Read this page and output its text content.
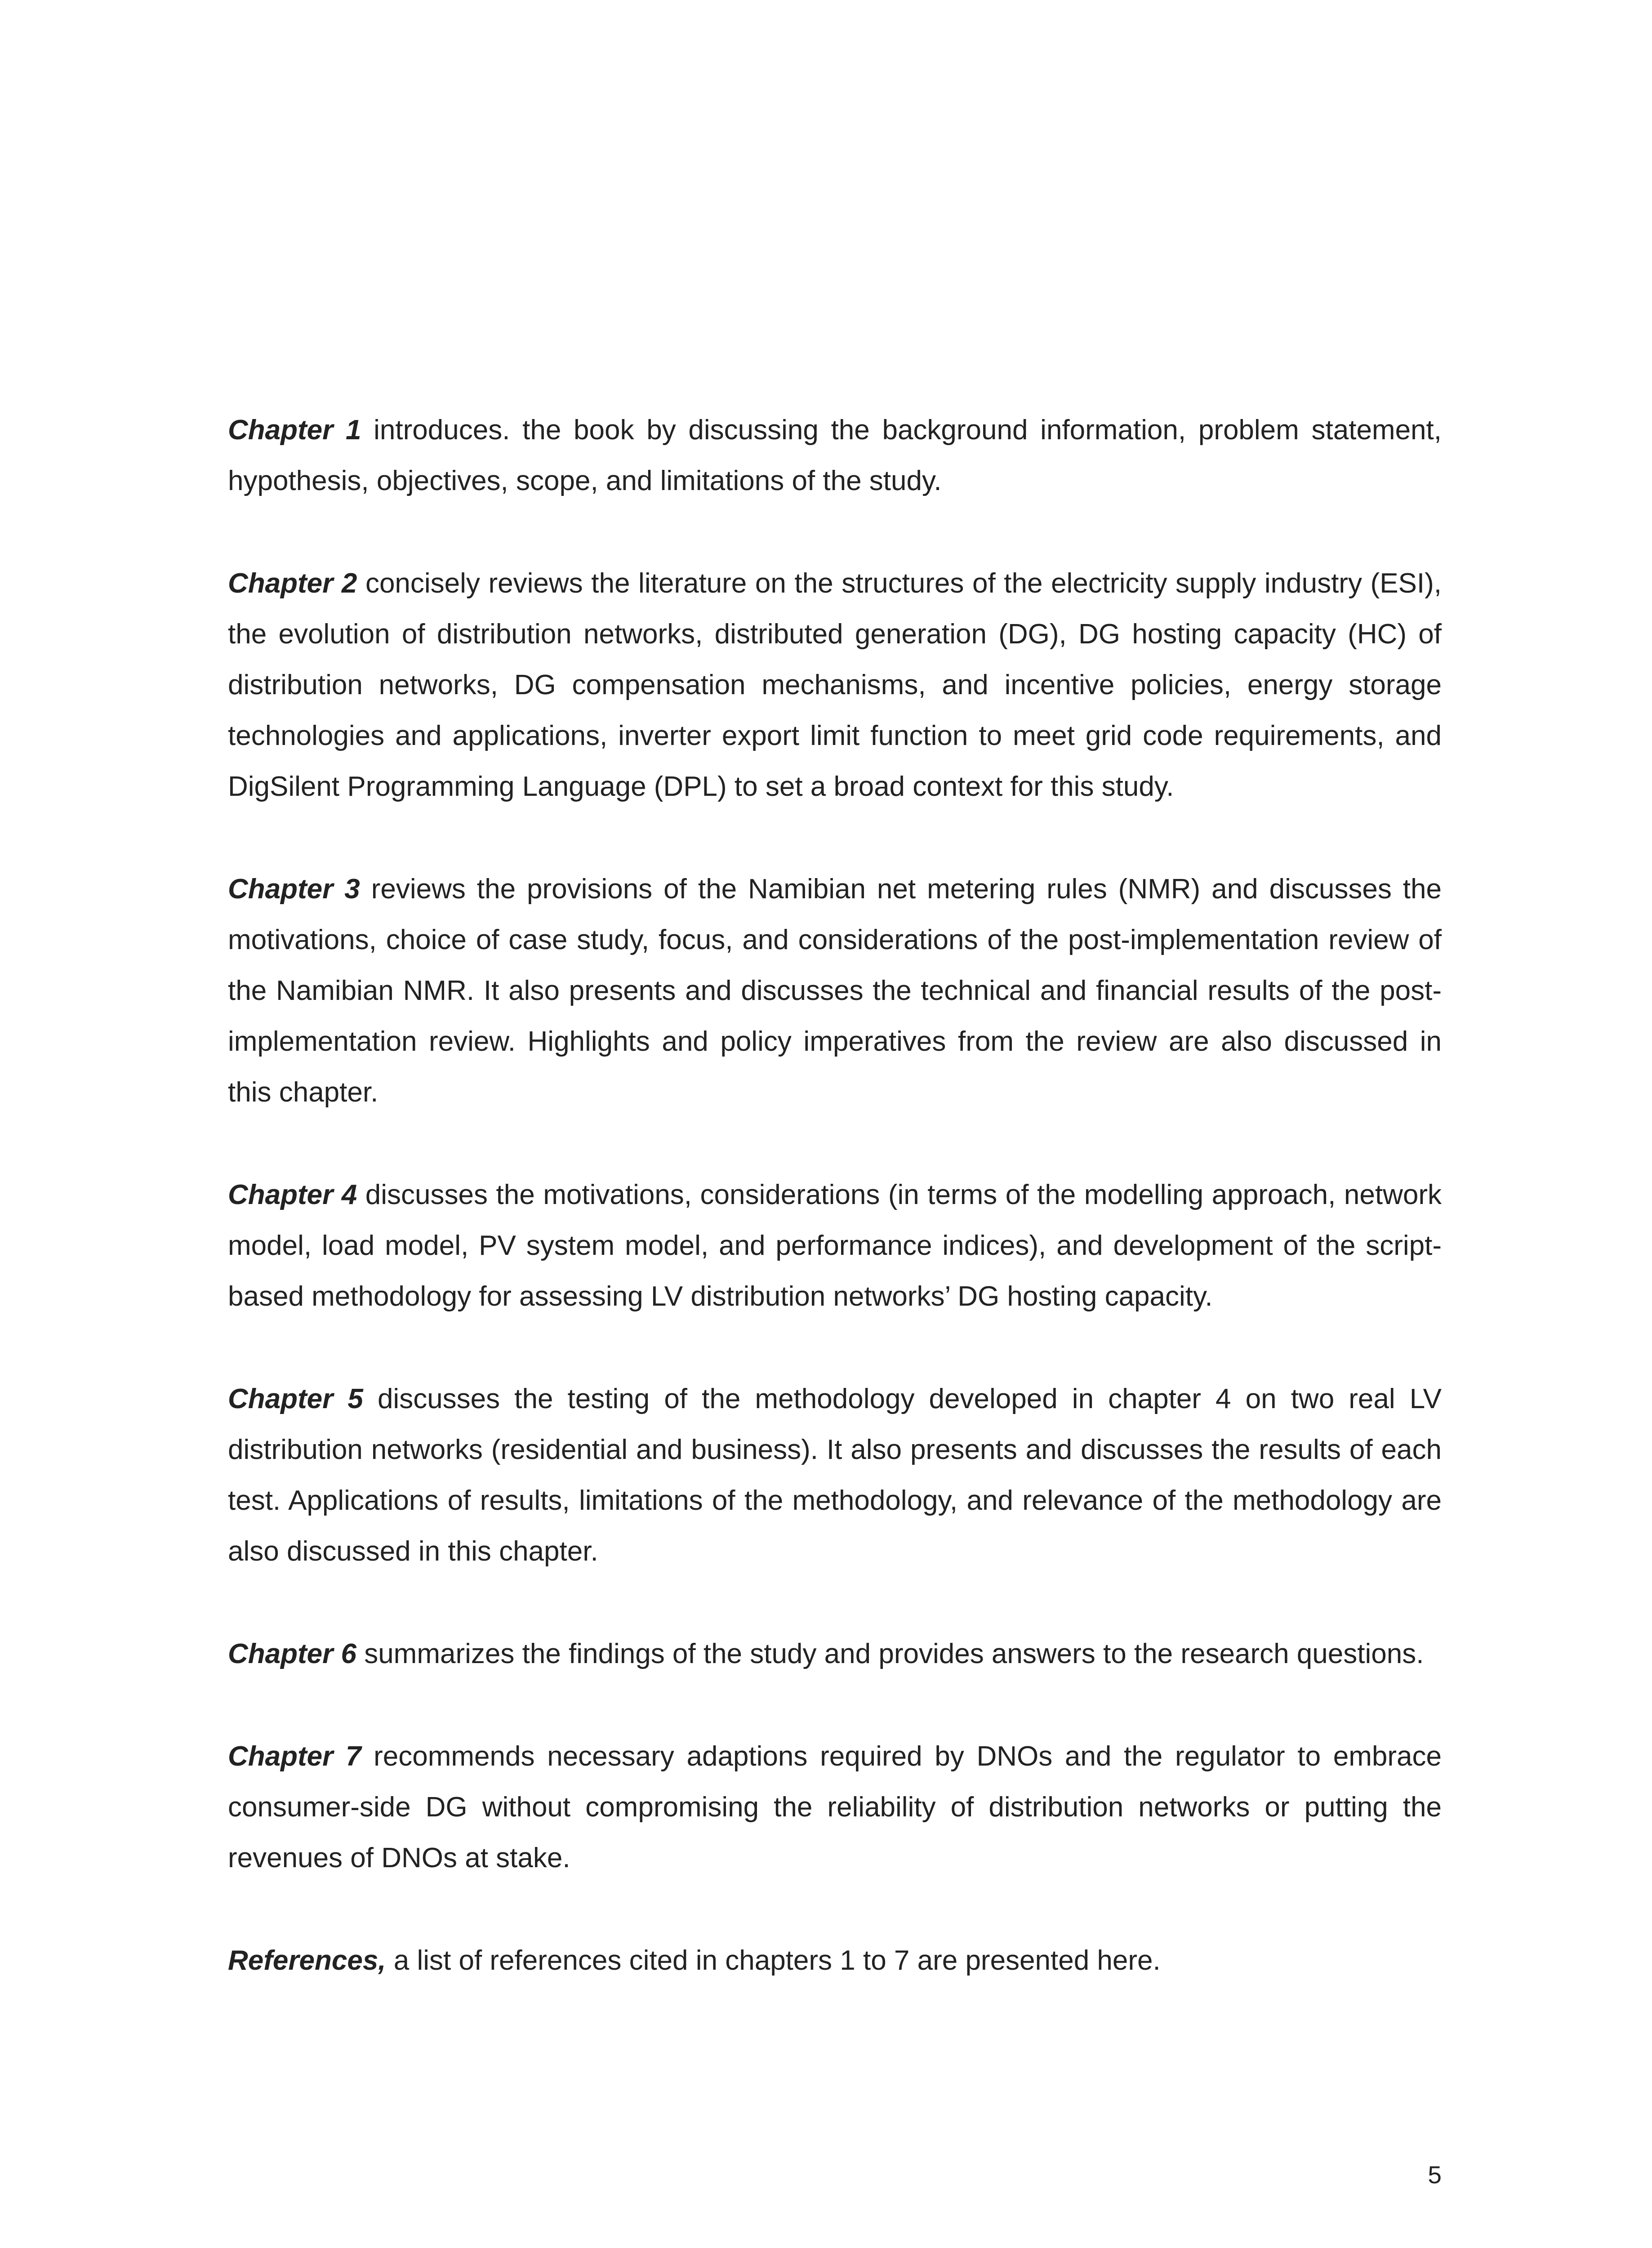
Chapter 1 introduces. the book by discussing the background information, problem statement, hypothesis, objectives, scope, and limitations of the study.

Chapter 2 concisely reviews the literature on the structures of the electricity supply industry (ESI), the evolution of distribution networks, distributed generation (DG), DG hosting capacity (HC) of distribution networks, DG compensation mechanisms, and incentive policies, energy storage technologies and applications, inverter export limit function to meet grid code requirements, and DigSilent Programming Language (DPL) to set a broad context for this study.

Chapter 3 reviews the provisions of the Namibian net metering rules (NMR) and discusses the motivations, choice of case study, focus, and considerations of the post-implementation review of the Namibian NMR. It also presents and discusses the technical and financial results of the post-implementation review. Highlights and policy imperatives from the review are also discussed in this chapter.

Chapter 4 discusses the motivations, considerations (in terms of the modelling approach, network model, load model, PV system model, and performance indices), and development of the script-based methodology for assessing LV distribution networks’ DG hosting capacity.

Chapter 5 discusses the testing of the methodology developed in chapter 4 on two real LV distribution networks (residential and business). It also presents and discusses the results of each test. Applications of results, limitations of the methodology, and relevance of the methodology are also discussed in this chapter.

Chapter 6 summarizes the findings of the study and provides answers to the research questions.

Chapter 7 recommends necessary adaptions required by DNOs and the regulator to embrace consumer-side DG without compromising the reliability of distribution networks or putting the revenues of DNOs at stake.

References, a list of references cited in chapters 1 to 7 are presented here.

5
